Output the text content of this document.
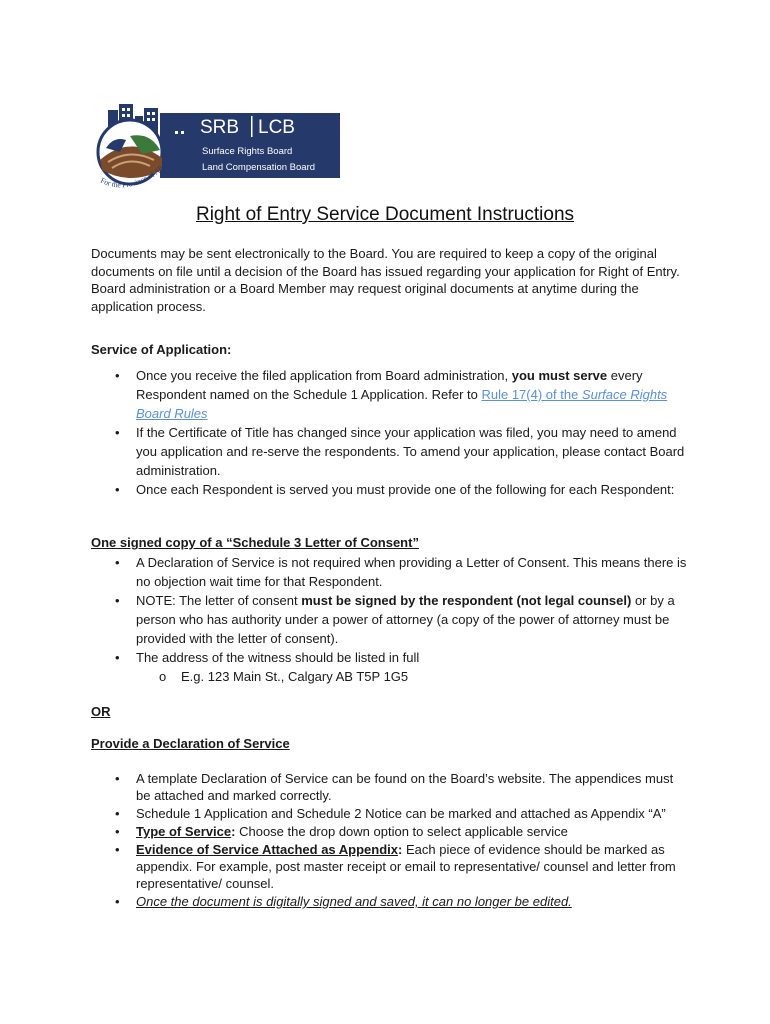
SRB LCB
Surface Rights Board
Land Compensation Board
For the Province of Albe
Right of Entry Service Document Instructions
Documents may be sent electronically to the Board. You are required to keep a copy of the original documents on file until a decision of the Board has issued regarding your application for Right of Entry. Board administration or a Board Member may request original documents at anytime during the application process.
Service of Application:
• Once you receive the filed application from Board administration, you must serve every Respondent named on the Schedule 1 Application. Refer to Rule 17(4) of the Surface Rights Board Rules
• If the Certificate of Title has changed since your application was filed, you may need to amend you application and re-serve the respondents. To amend your application, please contact Board administration.
• Once each Respondent is served you must provide one of the following for each Respondent:
One signed copy of a “Schedule 3 Letter of Consent”
• A Declaration of Service is not required when providing a Letter of Consent. This means there is no objection wait time for that Respondent.
• NOTE: The letter of consent must be signed by the respondent (not legal counsel) or by a person who has authority under a power of attorney (a copy of the power of attorney must be provided with the letter of consent).
• The address of the witness should be listed in full
o E.g. 123 Main St., Calgary AB T5P 1G5
OR
Provide a Declaration of Service
• A template Declaration of Service can be found on the Board’s website. The appendices must be attached and marked correctly.
• Schedule 1 Application and Schedule 2 Notice can be marked and attached as Appendix “A”
• Type of Service: Choose the drop down option to select applicable service
• Evidence of Service Attached as Appendix: Each piece of evidence should be marked as appendix. For example, post master receipt or email to representative/ counsel and letter from representative/ counsel.
• Once the document is digitally signed and saved, it can no longer be edited.
